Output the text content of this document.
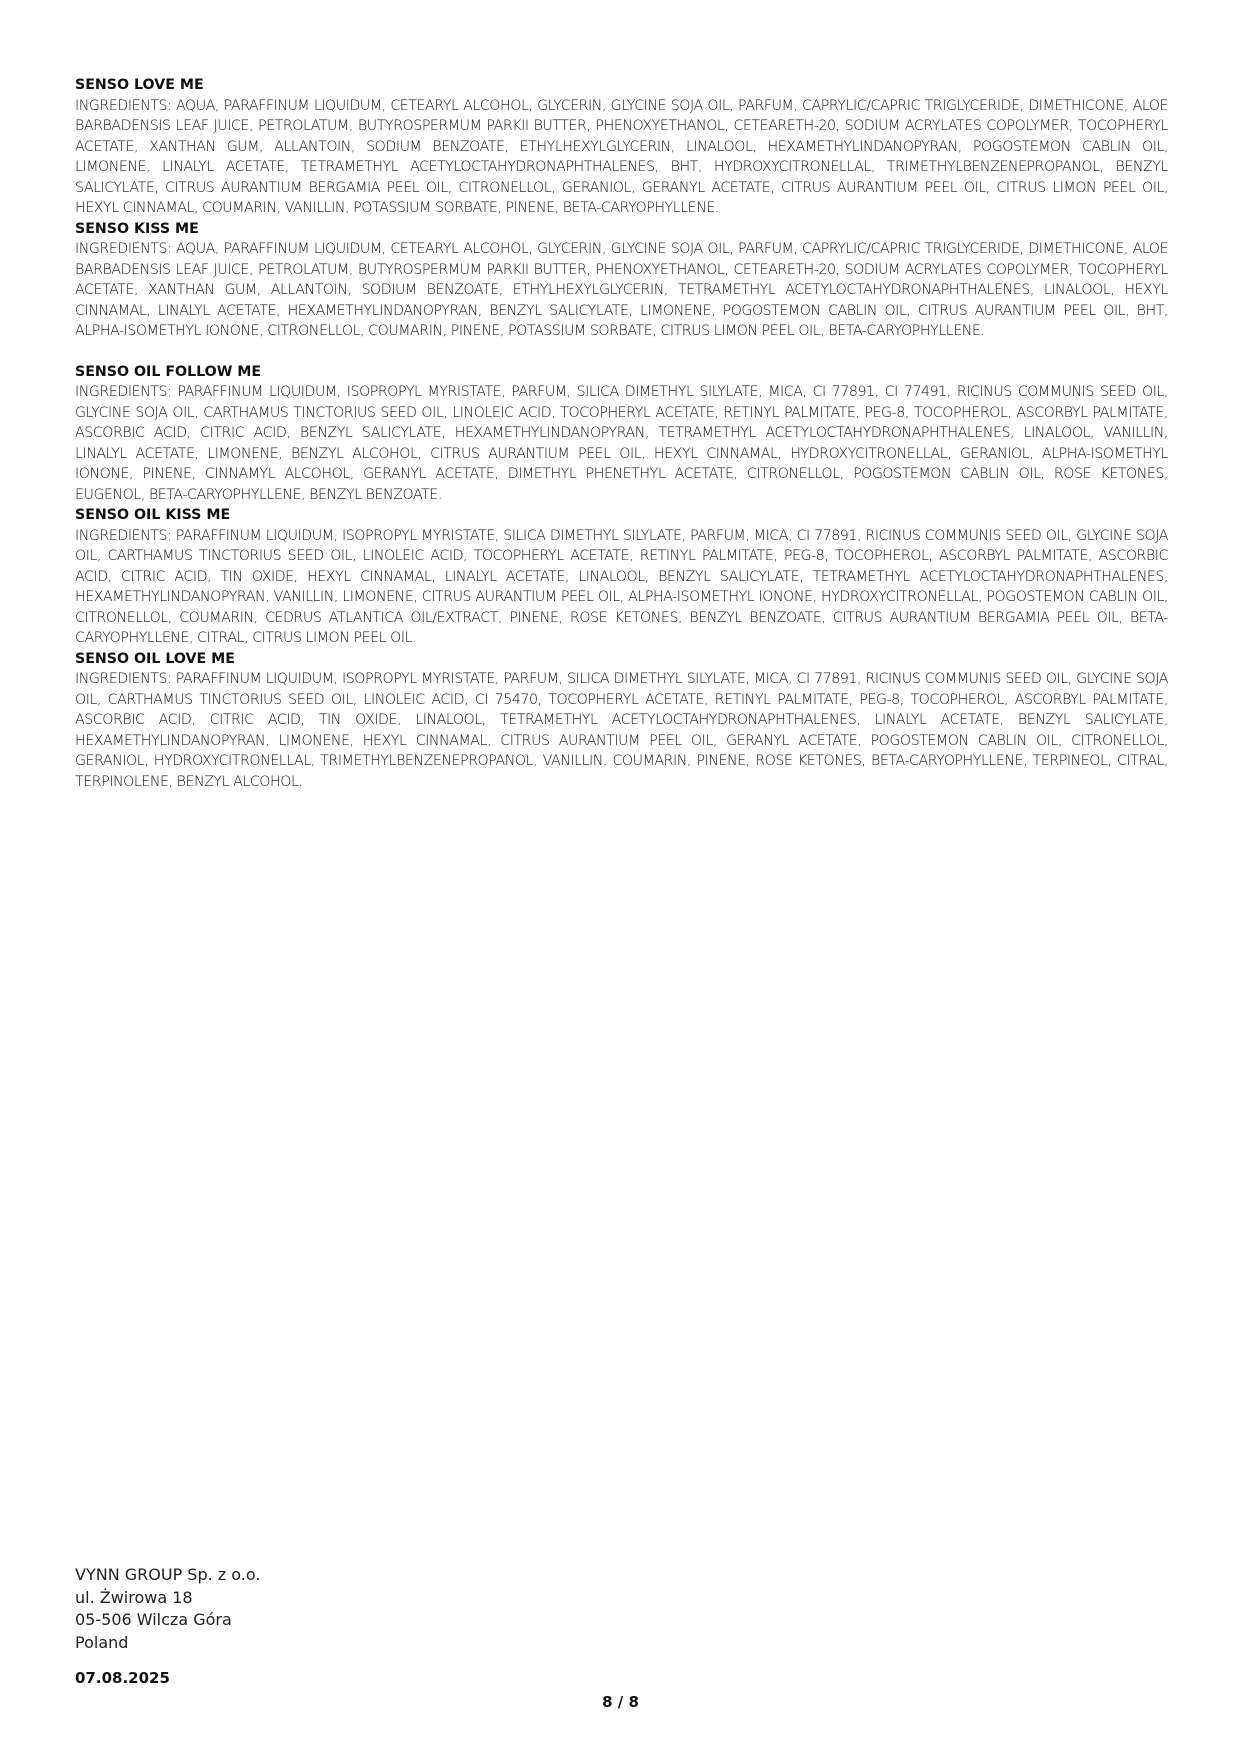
SENSO LOVE ME

INGREDIENTS: AQUA, PARAFFINUM LIQUIDUM, CETEARYL ALCOHOL, GLYCERIN, GLYCINE SOJA OIL, PARFUM, CAPRYLIC/CAPRIC TRIGLYCERIDE, DIMETHICONE, ALOE BARBADENSIS LEAF JUICE, PETROLATUM, BUTYROSPERMUM PARKII BUTTER, PHENOXYETHANOL, CETEARETH-20, SODIUM ACRYLATES COPOLYMER, TOCOPHERYL ACETATE, XANTHAN GUM, ALLANTOIN, SODIUM BENZOATE, ETHYLHEXYLGLYCERIN, LINALOOL, HEXAMETHYLINDANOPYRAN, POGOSTEMON CABLIN OIL, LIMONENE, LINALYL ACETATE, TETRAMETHYL ACETYLOCTAHYDRONAPHTHALENES, BHT, HYDROXYCITRONELLAL, TRIMETHYLBENZENEPROPANOL, BENZYL SALICYLATE, CITRUS AURANTIUM BERGAMIA PEEL OIL, CITRONELLOL, GERANIOL, GERANYL ACETATE, CITRUS AURANTIUM PEEL OIL, CITRUS LIMON PEEL OIL, HEXYL CINNAMAL, COUMARIN, VANILLIN, POTASSIUM SORBATE, PINENE, BETA-CARYOPHYLLENE.

SENSO KISS ME

INGREDIENTS: AQUA, PARAFFINUM LIQUIDUM, CETEARYL ALCOHOL, GLYCERIN, GLYCINE SOJA OIL, PARFUM, CAPRYLIC/CAPRIC TRIGLYCERIDE, DIMETHICONE, ALOE BARBADENSIS LEAF JUICE, PETROLATUM, BUTYROSPERMUM PARKII BUTTER, PHENOXYETHANOL, CETEARETH-20, SODIUM ACRYLATES COPOLYMER, TOCOPHERYL ACETATE, XANTHAN GUM, ALLANTOIN, SODIUM BENZOATE, ETHYLHEXYLGLYCERIN, TETRAMETHYL ACETYLOCTAHYDRONAPHTHALENES, LINALOOL, HEXYL CINNAMAL, LINALYL ACETATE, HEXAMETHYLINDANOPYRAN, BENZYL SALICYLATE, LIMONENE, POGOSTEMON CABLIN OIL, CITRUS AURANTIUM PEEL OIL, BHT, ALPHA-ISOMETHYL IONONE, CITRONELLOL, COUMARIN, PINENE, POTASSIUM SORBATE, CITRUS LIMON PEEL OIL, BETA-CARYOPHYLLENE.

SENSO OIL FOLLOW ME

INGREDIENTS: PARAFFINUM LIQUIDUM, ISOPROPYL MYRISTATE, PARFUM, SILICA DIMETHYL SILYLATE, MICA, CI 77891, CI 77491, RICINUS COMMUNIS SEED OIL, GLYCINE SOJA OIL, CARTHAMUS TINCTORIUS SEED OIL, LINOLEIC ACID, TOCOPHERYL ACETATE, RETINYL PALMITATE, PEG-8, TOCOPHEROL, ASCORBYL PALMITATE, ASCORBIC ACID, CITRIC ACID, BENZYL SALICYLATE, HEXAMETHYLINDANOPYRAN, TETRAMETHYL ACETYLOCTAHYDRONAPHTHALENES, LINALOOL, VANILLIN, LINALYL ACETATE, LIMONENE, BENZYL ALCOHOL, CITRUS AURANTIUM PEEL OIL, HEXYL CINNAMAL, HYDROXYCITRONELLAL, GERANIOL, ALPHA-ISOMETHYL IONONE, PINENE, CINNAMYL ALCOHOL, GERANYL ACETATE, DIMETHYL PHENETHYL ACETATE, CITRONELLOL, POGOSTEMON CABLIN OIL, ROSE KETONES, EUGENOL, BETA-CARYOPHYLLENE, BENZYL BENZOATE.

SENSO OIL KISS ME

INGREDIENTS: PARAFFINUM LIQUIDUM, ISOPROPYL MYRISTATE, SILICA DIMETHYL SILYLATE, PARFUM, MICA, CI 77891, RICINUS COMMUNIS SEED OIL, GLYCINE SOJA OIL, CARTHAMUS TINCTORIUS SEED OIL, LINOLEIC ACID, TOCOPHERYL ACETATE, RETINYL PALMITATE, PEG-8, TOCOPHEROL, ASCORBYL PALMITATE, ASCORBIC ACID, CITRIC ACID, TIN OXIDE, HEXYL CINNAMAL, LINALYL ACETATE, LINALOOL, BENZYL SALICYLATE, TETRAMETHYL ACETYLOCTAHYDRONAPHTHALENES, HEXAMETHYLINDANOPYRAN, VANILLIN, LIMONENE, CITRUS AURANTIUM PEEL OIL, ALPHA-ISOMETHYL IONONE, HYDROXYCITRONELLAL, POGOSTEMON CABLIN OIL, CITRONELLOL, COUMARIN, CEDRUS ATLANTICA OIL/EXTRACT, PINENE, ROSE KETONES, BENZYL BENZOATE, CITRUS AURANTIUM BERGAMIA PEEL OIL, BETA-CARYOPHYLLENE, CITRAL, CITRUS LIMON PEEL OIL.

SENSO OIL LOVE ME

INGREDIENTS: PARAFFINUM LIQUIDUM, ISOPROPYL MYRISTATE, PARFUM, SILICA DIMETHYL SILYLATE, MICA, CI 77891, RICINUS COMMUNIS SEED OIL, GLYCINE SOJA OIL, CARTHAMUS TINCTORIUS SEED OIL, LINOLEIC ACID, CI 75470, TOCOPHERYL ACETATE, RETINYL PALMITATE, PEG-8, TOCOPHEROL, ASCORBYL PALMITATE, ASCORBIC ACID, CITRIC ACID, TIN OXIDE, LINALOOL, TETRAMETHYL ACETYLOCTAHYDRONAPHTHALENES, LINALYL ACETATE, BENZYL SALICYLATE, HEXAMETHYLINDANOPYRAN, LIMONENE, HEXYL CINNAMAL, CITRUS AURANTIUM PEEL OIL, GERANYL ACETATE, POGOSTEMON CABLIN OIL, CITRONELLOL, GERANIOL, HYDROXYCITRONELLAL, TRIMETHYLBENZENEPROPANOL, VANILLIN, COUMARIN, PINENE, ROSE KETONES, BETA-CARYOPHYLLENE, TERPINEOL, CITRAL, TERPINOLENE, BENZYL ALCOHOL.

VYNN GROUP Sp. z o.o.
ul. Żwirowa 18
05-506 Wilcza Góra
Poland
07.08.2025
8 / 8
